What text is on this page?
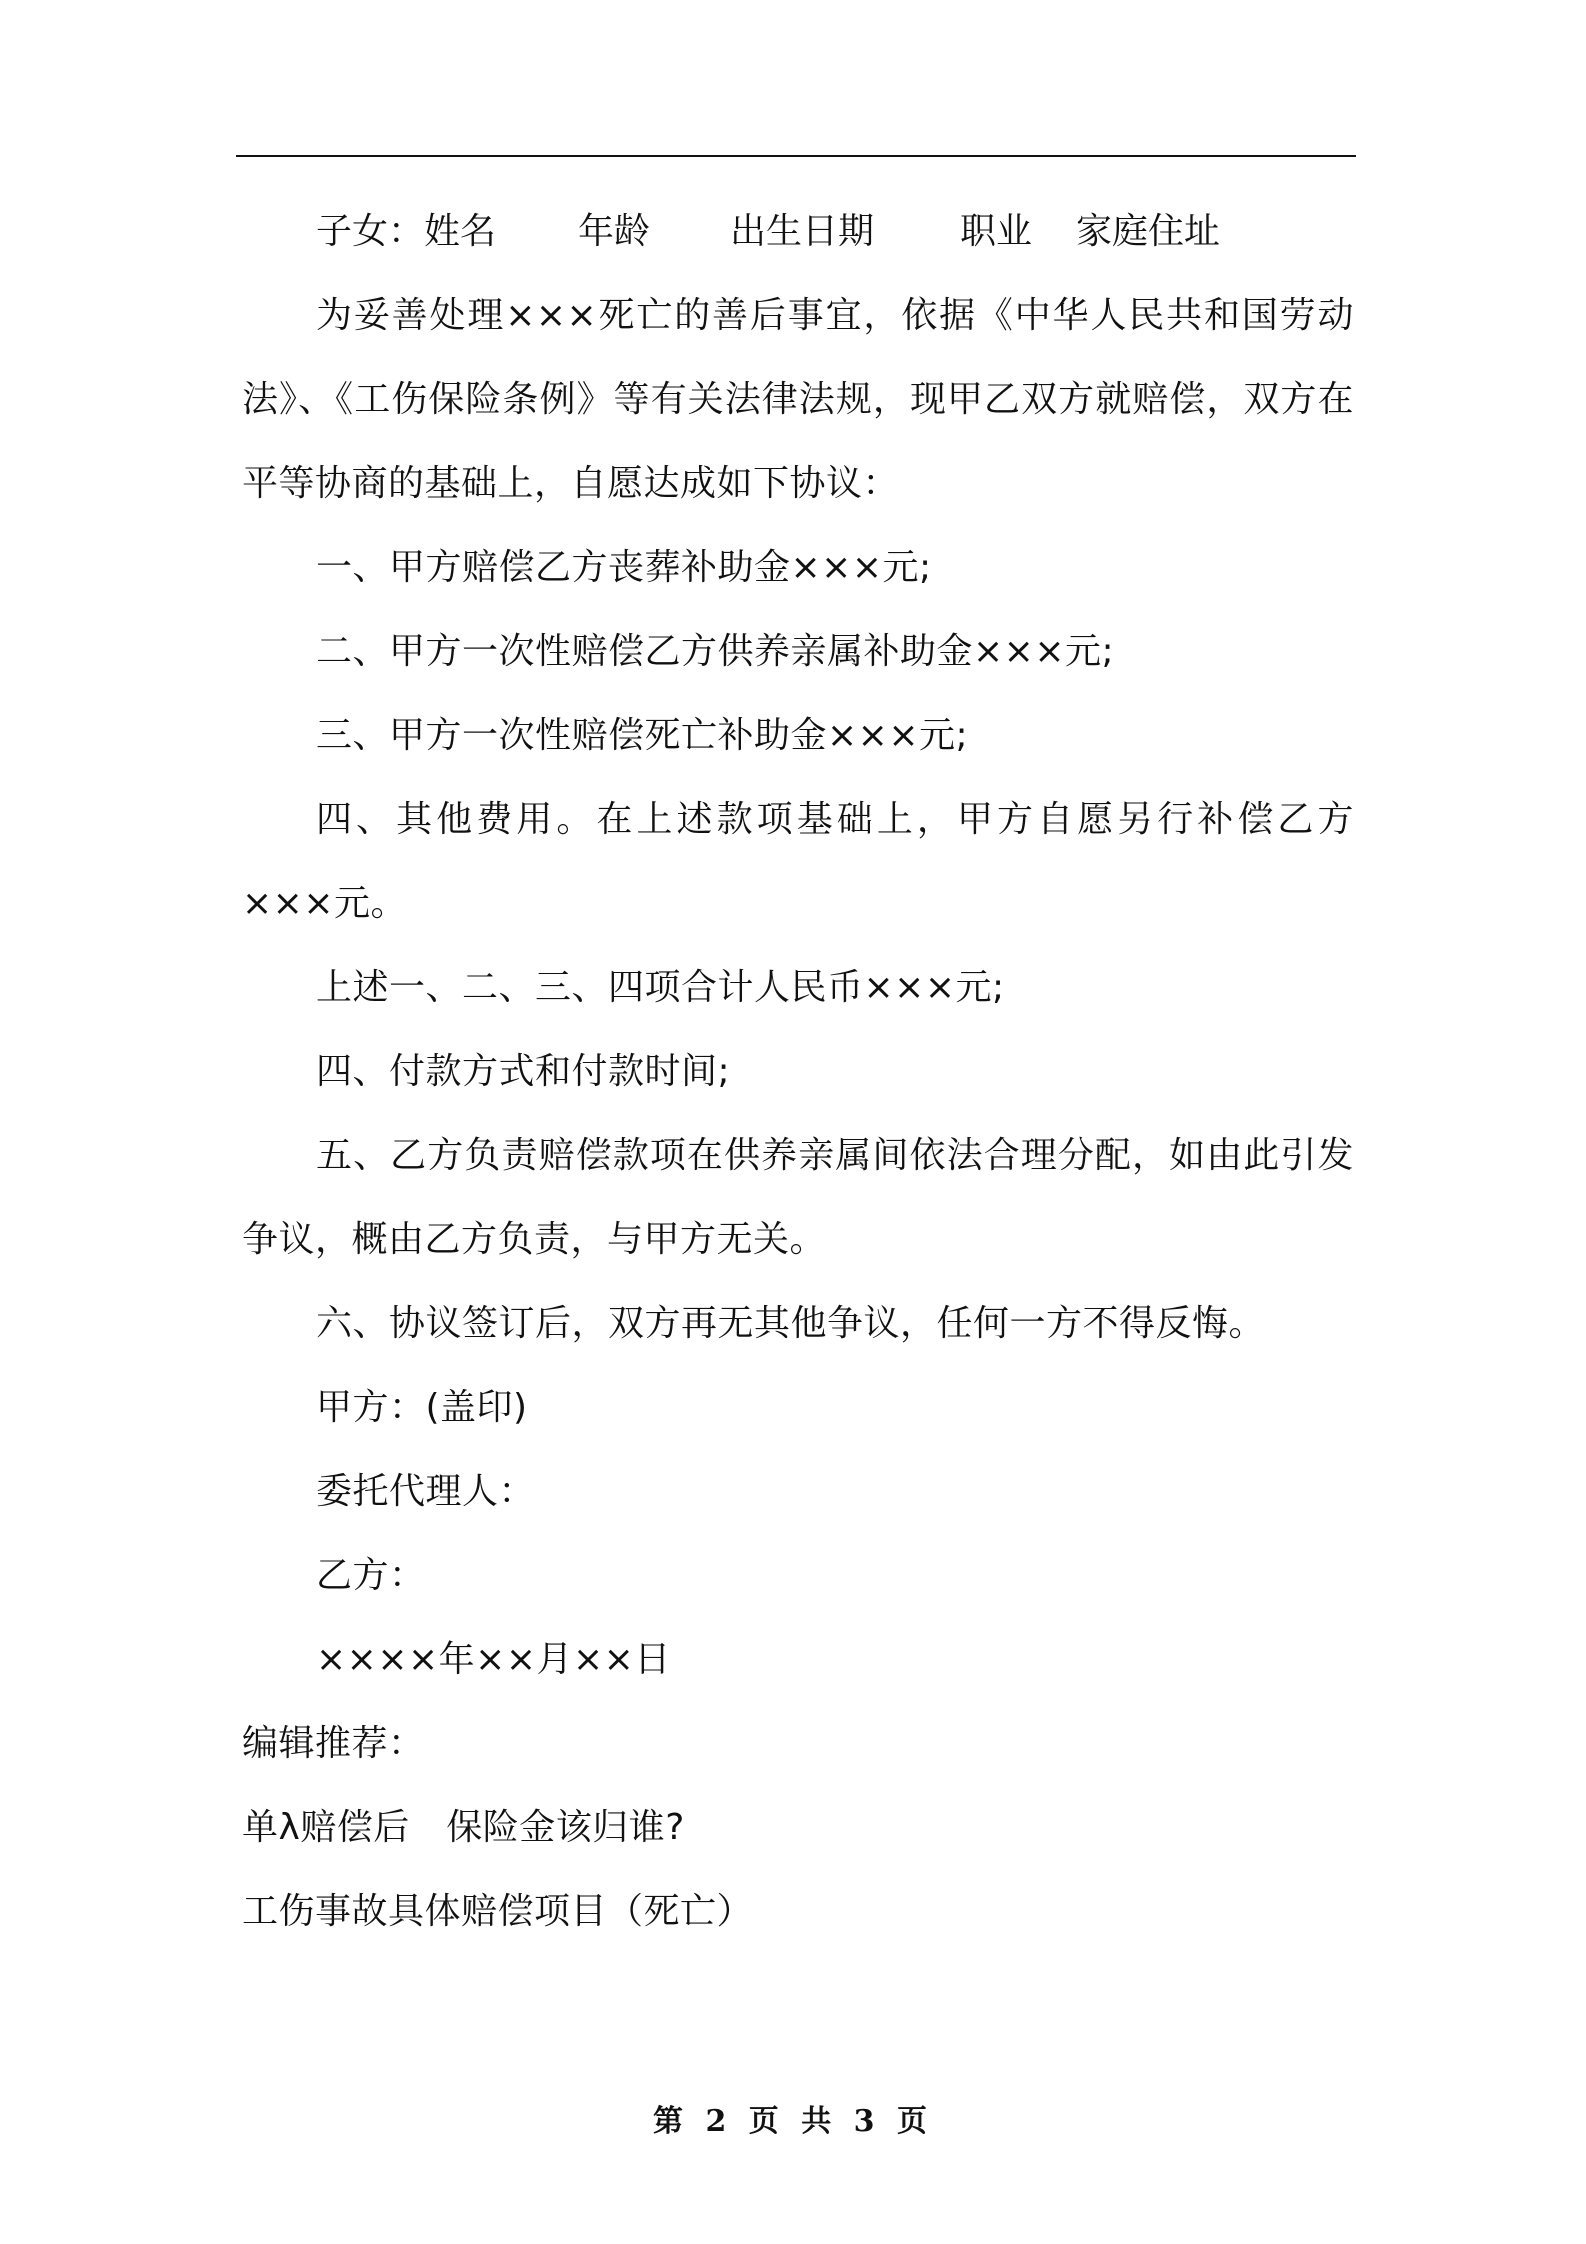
子女： 姓名	年龄	出生日期	职业 家庭住址
为妥善处理×××死亡的善后事宜，依据《中华人民共和国劳动法》、《工伤保险条例》等有关法律法规，现甲乙双方就赔偿，双方在平等协商的基础上，自愿达成如下协议：
一、甲方赔偿乙方丧葬补助金×××元;
二、甲方一次性赔偿乙方供养亲属补助金×××元;
三、甲方一次性赔偿死亡补助金×××元;
四、其他费用。在上述款项基础上，甲方自愿另行补偿乙方×××元。
上述一、二、三、四项合计人民币×××元;
四、付款方式和付款时间;
五、乙方负责赔偿款项在供养亲属间依法合理分配，如由此引发争议，概由乙方负责，与甲方无关。
六、协议签订后，双方再无其他争议，任何一方不得反悔。
甲方：(盖印)
委托代理人：
乙方：
××××年××月××日
编辑推荐：
单λ赔偿后　保险金该归谁?
工伤事故具体赔偿项目（死亡）
第 2 页 共 3 页
